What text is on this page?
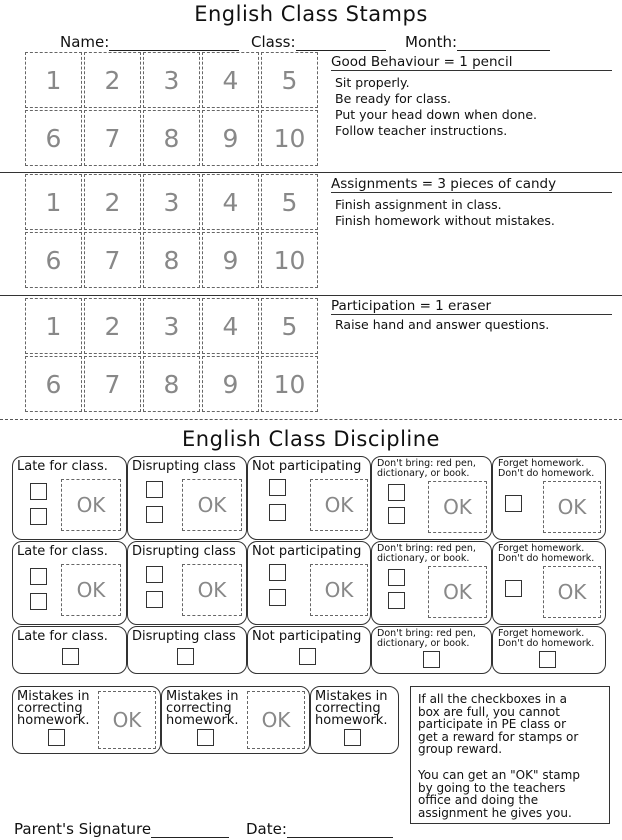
English Class Stamps
Name:	Class:	Month:
1	2	3	4	5
6	7	8	9	10
1	2	3	4	5
6	7	8	9	10
1	2	3	4	5
6	7	8	9	10
Good Behaviour = 1 pencil
Sit properly.
Be ready for class.
Put your head down when done.
Follow teacher instructions.
Assignments = 3 pieces of candy
Finish assignment in class.
Finish homework without mistakes.
Participation = 1 eraser
Raise hand and answer questions.
English Class Discipline
Late for class.
OK
Disrupting class
OK
Not participating
OK
Don't bring: red pen,
dictionary, or book.
OK
Forget homework.
Don't do homework.
OK
Late for class.
OK
Disrupting class
OK
Not participating
OK
Don't bring: red pen,
dictionary, or book.
OK
Forget homework.
Don't do homework.
OK
Late for class. Disrupting class Not participating Don't bring: red pen,
dictionary, or book.
Forget homework.
Don't do homework.
Mistakes in
correcting
homework.	OK
Mistakes in
correcting
homework.	OK
Mistakes in
correcting
homework.
If all the checkboxes in a
box are full, you cannot
participate in PE class or
get a reward for stamps or
group reward.
You can get an "OK" stamp
by going to the teachers
office and doing the
assignment he gives you.
Parent's Signature	Date:
